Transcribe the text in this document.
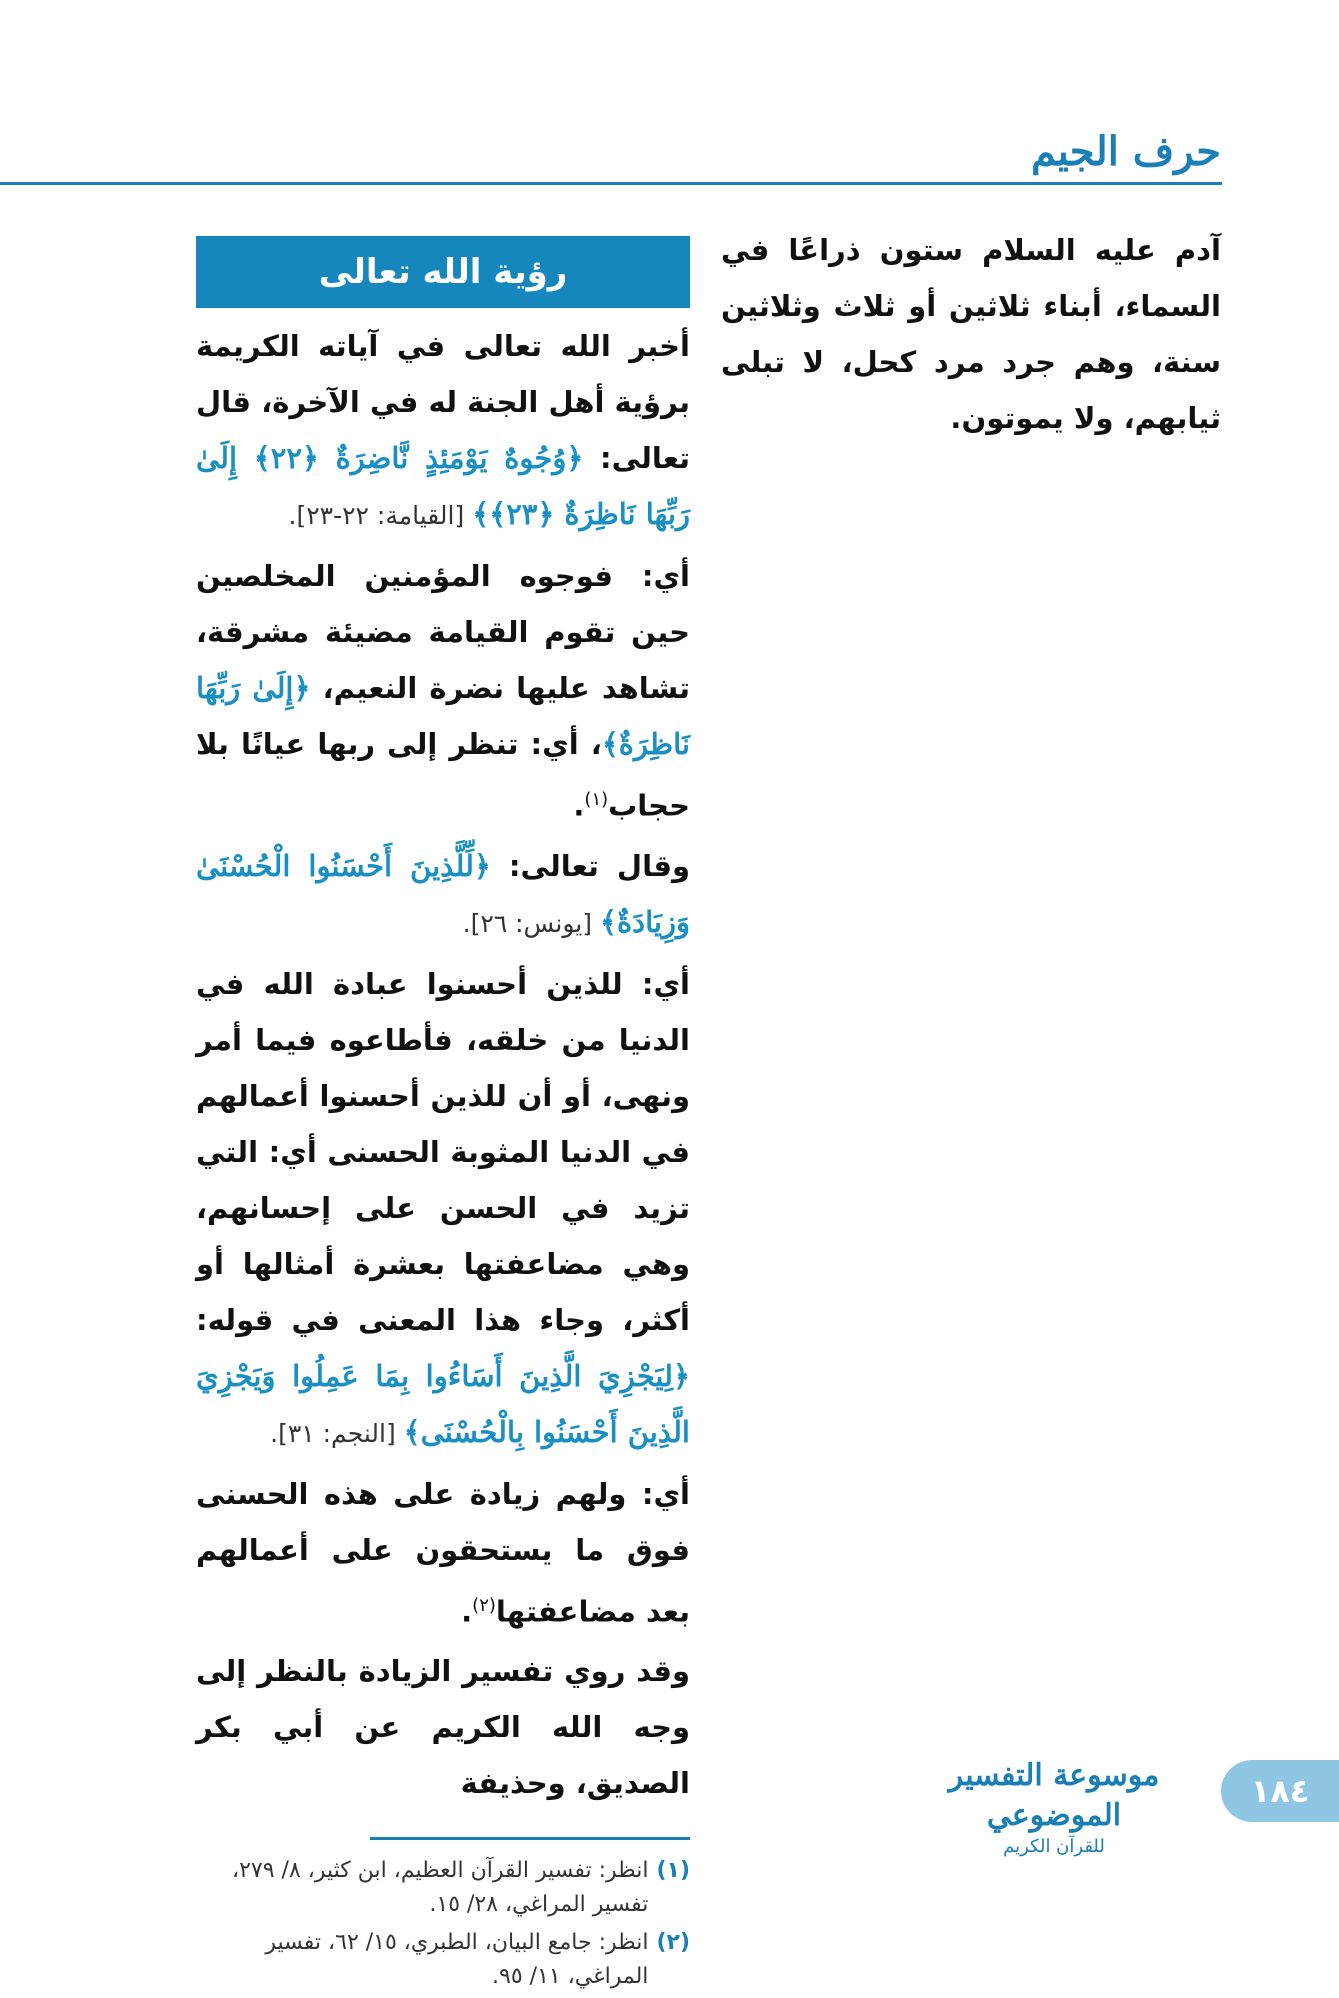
حرف الجيم
آدم عليه السلام ستون ذراعًا في السماء، أبناء ثلاثين أو ثلاث وثلاثين سنة، وهم جرد مرد كحل، لا تبلى ثيابهم، ولا يموتون.
رؤية الله تعالى
أخبر الله تعالى في آياته الكريمة برؤية أهل الجنة له في الآخرة، قال تعالى: ﴿وُجُوهٌ يَوْمَئِذٍ نَّاضِرَةٌ ﴿٢٢﴾ إِلَىٰ رَبِّهَا نَاظِرَةٌ ﴿٢٣﴾﴾ [القيامة: ٢٢-٢٣].
أي: فوجوه المؤمنين المخلصين حين تقوم القيامة مضيئة مشرقة، تشاهد عليها نضرة النعيم، ﴿إِلَىٰ رَبِّهَا نَاظِرَةٌ﴾، أي: تنظر إلى ربها عيانًا بلا حجاب$^{(١)}$.
وقال تعالى: ﴿لِّلَّذِينَ أَحْسَنُوا الْحُسْنَىٰ وَزِيَادَةٌ﴾ [يونس: ٢٦].
أي: للذين أحسنوا عبادة الله في الدنيا من خلقه، فأطاعوه فيما أمر ونهى، أو أن للذين أحسنوا أعمالهم في الدنيا المثوبة الحسنى أي: التي تزيد في الحسن على إحسانهم، وهي مضاعفتها بعشرة أمثالها أو أكثر، وجاء هذا المعنى في قوله: ﴿لِيَجْزِيَ الَّذِينَ أَسَاءُوا بِمَا عَمِلُوا وَيَجْزِيَ الَّذِينَ أَحْسَنُوا بِالْحُسْنَى﴾ [النجم: ٣١].
أي: ولهم زيادة على هذه الحسنى فوق ما يستحقون على أعمالهم بعد مضاعفتها$^{(٢)}$.
وقد روي تفسير الزيادة بالنظر إلى وجه الله الكريم عن أبي بكر الصديق، وحذيفة
(١)
انظر: تفسير القرآن العظيم، ابن كثير، ٨/ ٢٧٩، تفسير المراغي، ٢٨/ ١٥.
(٢)
انظر: جامع البيان، الطبري، ١٥/ ٦٢، تفسير المراغي، ١١/ ٩٥.
موسوعة التفسير الموضوعي
للقرآن الكريم
١٨٤
